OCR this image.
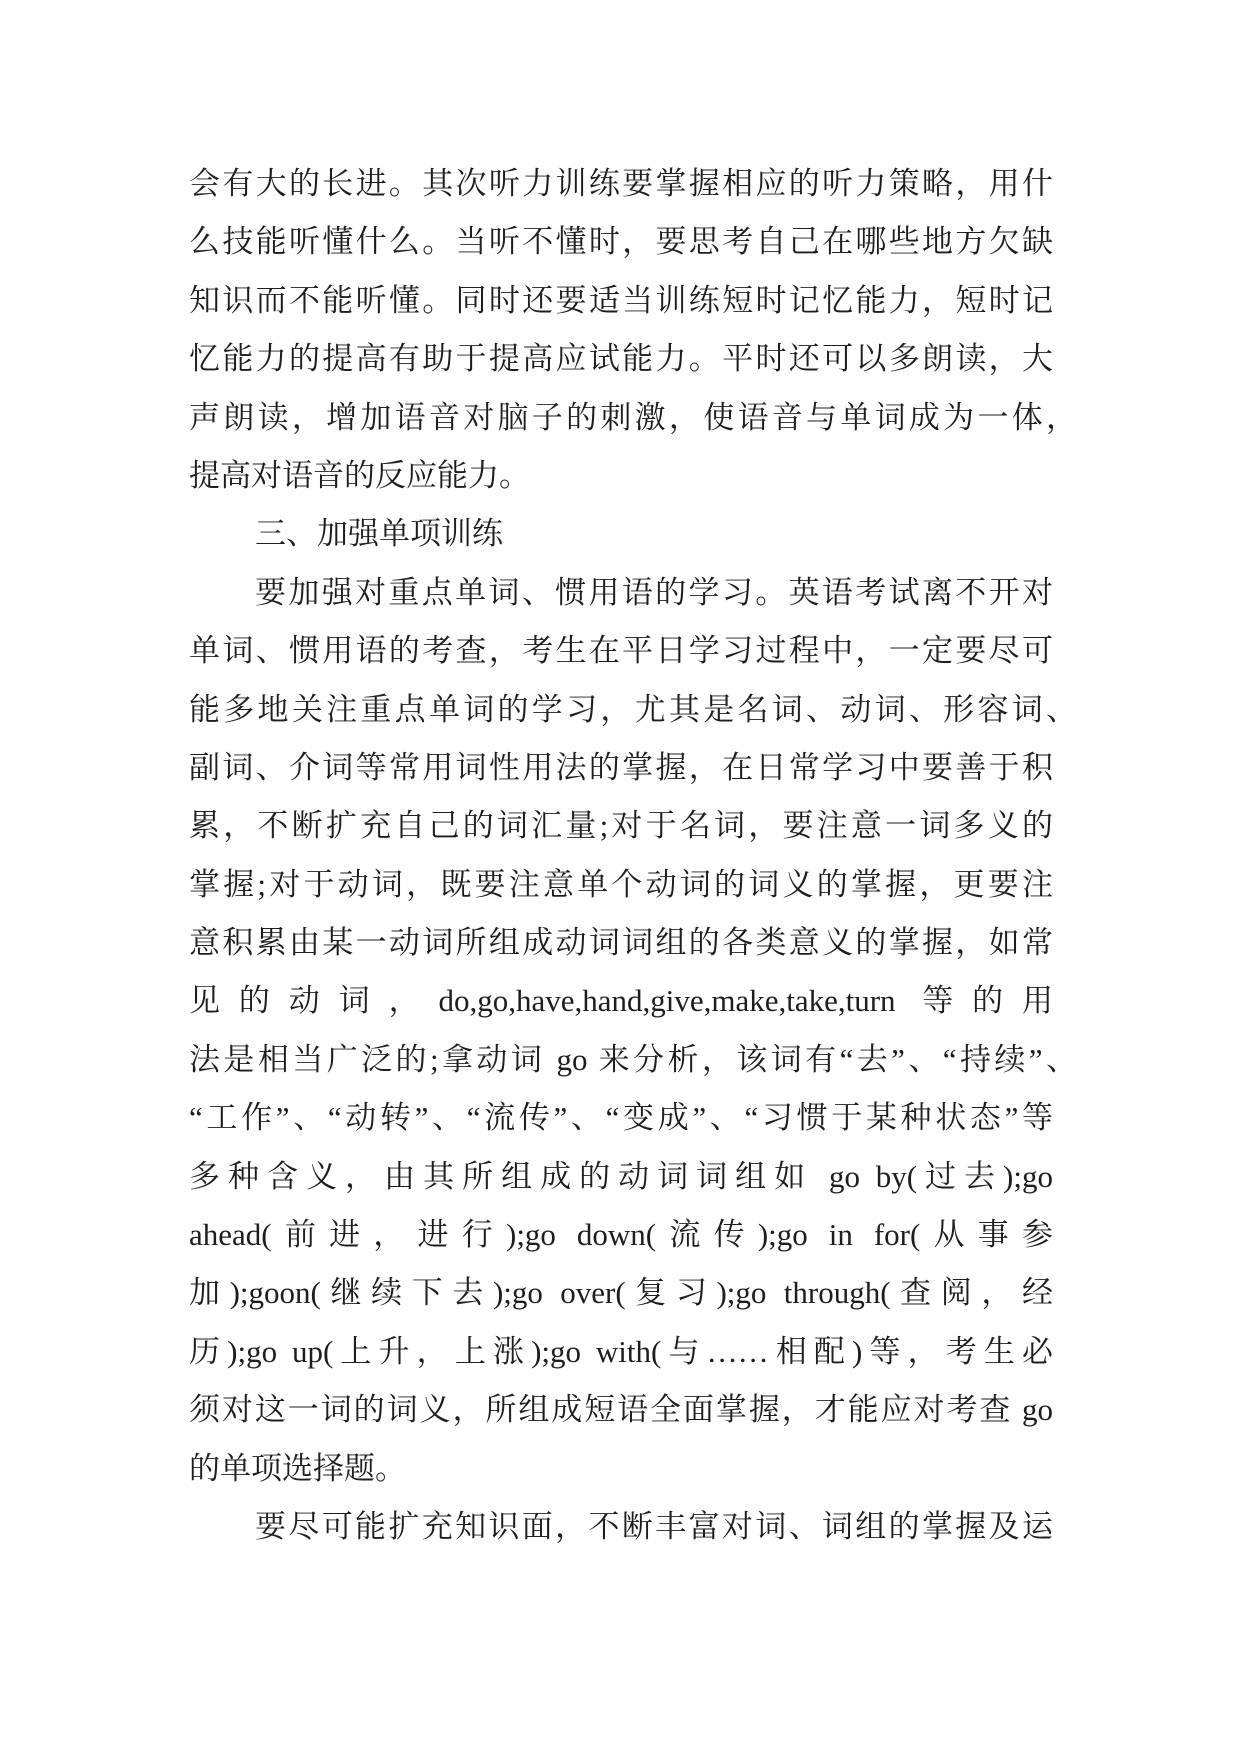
会有大的长进。其次听力训练要掌握相应的听力策略，用什
么技能听懂什么。当听不懂时，要思考自己在哪些地方欠缺
知识而不能听懂。同时还要适当训练短时记忆能力，短时记
忆能力的提高有助于提高应试能力。平时还可以多朗读，大
声朗读，增加语音对脑子的刺激，使语音与单词成为一体，
提高对语音的反应能力。
三、加强单项训练
要加强对重点单词、惯用语的学习。英语考试离不开对
单词、惯用语的考查，考生在平日学习过程中，一定要尽可
能多地关注重点单词的学习，尤其是名词、动词、形容词、
副词、介词等常用词性用法的掌握，在日常学习中要善于积
累，不断扩充自己的词汇量;对于名词，要注意一词多义的
掌握;对于动词，既要注意单个动词的词义的掌握，更要注
意积累由某一动词所组成动词词组的各类意义的掌握，如常
见的动词，do,go,have,hand,give,make,take,turn 等的用
法是相当广泛的;拿动词 go 来分析，该词有“去”、“持续”、
“工作”、“动转”、“流传”、“变成”、“习惯于某种状态”等
多种含义，由其所组成的动词词组如 go by(过去);go
ahead(前进，进行);go down(流传);go in for(从事参
加);goon(继续下去);go over(复习);go through(查阅，经
历);go up(上升，上涨);go with(与……相配)等，考生必
须对这一词的词义，所组成短语全面掌握，才能应对考查 go
的单项选择题。
要尽可能扩充知识面，不断丰富对词、词组的掌握及运
